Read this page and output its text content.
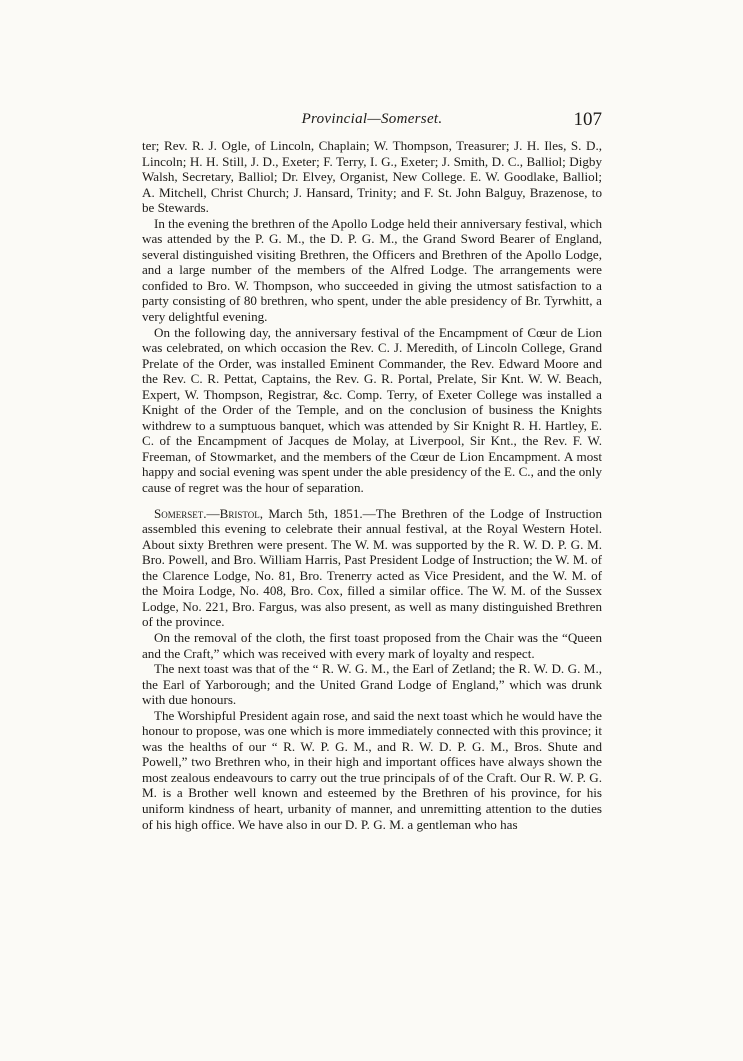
Provincial—Somerset.	107

ter; Rev. R. J. Ogle, of Lincoln, Chaplain; W. Thompson, Treasurer; J. H. Iles, S. D., Lincoln; H. H. Still, J. D., Exeter; F. Terry, I. G., Exeter; J. Smith, D. C., Balliol; Digby Walsh, Secretary, Balliol; Dr. Elvey, Organist, New College. E. W. Goodlake, Balliol; A. Mitchell, Christ Church; J. Hansard, Trinity; and F. St. John Balguy, Brazenose, to be Stewards.

In the evening the brethren of the Apollo Lodge held their anniversary festival, which was attended by the P. G. M., the D. P. G. M., the Grand Sword Bearer of England, several distinguished visiting Brethren, the Officers and Brethren of the Apollo Lodge, and a large number of the members of the Alfred Lodge. The arrangements were confided to Bro. W. Thompson, who succeeded in giving the utmost satisfaction to a party consisting of 80 brethren, who spent, under the able presidency of Br. Tyrwhitt, a very delightful evening.

On the following day, the anniversary festival of the Encampment of Cœur de Lion was celebrated, on which occasion the Rev. C. J. Meredith, of Lincoln College, Grand Prelate of the Order, was installed Eminent Commander, the Rev. Edward Moore and the Rev. C. R. Pettat, Captains, the Rev. G. R. Portal, Prelate, Sir Knt. W. W. Beach, Expert, W. Thompson, Registrar, &c. Comp. Terry, of Exeter College was installed a Knight of the Order of the Temple, and on the conclusion of business the Knights withdrew to a sumptuous banquet, which was attended by Sir Knight R. H. Hartley, E. C. of the Encampment of Jacques de Molay, at Liverpool, Sir Knt., the Rev. F. W. Freeman, of Stowmarket, and the members of the Cœur de Lion Encampment. A most happy and social evening was spent under the able presidency of the E. C., and the only cause of regret was the hour of separation.

Somerset.—Bristol, March 5th, 1851.—The Brethren of the Lodge of Instruction assembled this evening to celebrate their annual festival, at the Royal Western Hotel. About sixty Brethren were present. The W. M. was supported by the R. W. D. P. G. M. Bro. Powell, and Bro. William Harris, Past President Lodge of Instruction; the W. M. of the Clarence Lodge, No. 81, Bro. Trenerry acted as Vice President, and the W. M. of the Moira Lodge, No. 408, Bro. Cox, filled a similar office. The W. M. of the Sussex Lodge, No. 221, Bro. Fargus, was also present, as well as many distinguished Brethren of the province.

On the removal of the cloth, the first toast proposed from the Chair was the “Queen and the Craft,” which was received with every mark of loyalty and respect.

The next toast was that of the “ R. W. G. M., the Earl of Zetland; the R. W. D. G. M., the Earl of Yarborough; and the United Grand Lodge of England,” which was drunk with due honours.

The Worshipful President again rose, and said the next toast which he would have the honour to propose, was one which is more immediately connected with this province; it was the healths of our “ R. W. P. G. M., and R. W. D. P. G. M., Bros. Shute and Powell,” two Brethren who, in their high and important offices have always shown the most zealous endeavours to carry out the true principals of of the Craft. Our R. W. P. G. M. is a Brother well known and esteemed by the Brethren of his province, for his uniform kindness of heart, urbanity of manner, and unremitting attention to the duties of his high office. We have also in our D. P. G. M. a gentleman who has
